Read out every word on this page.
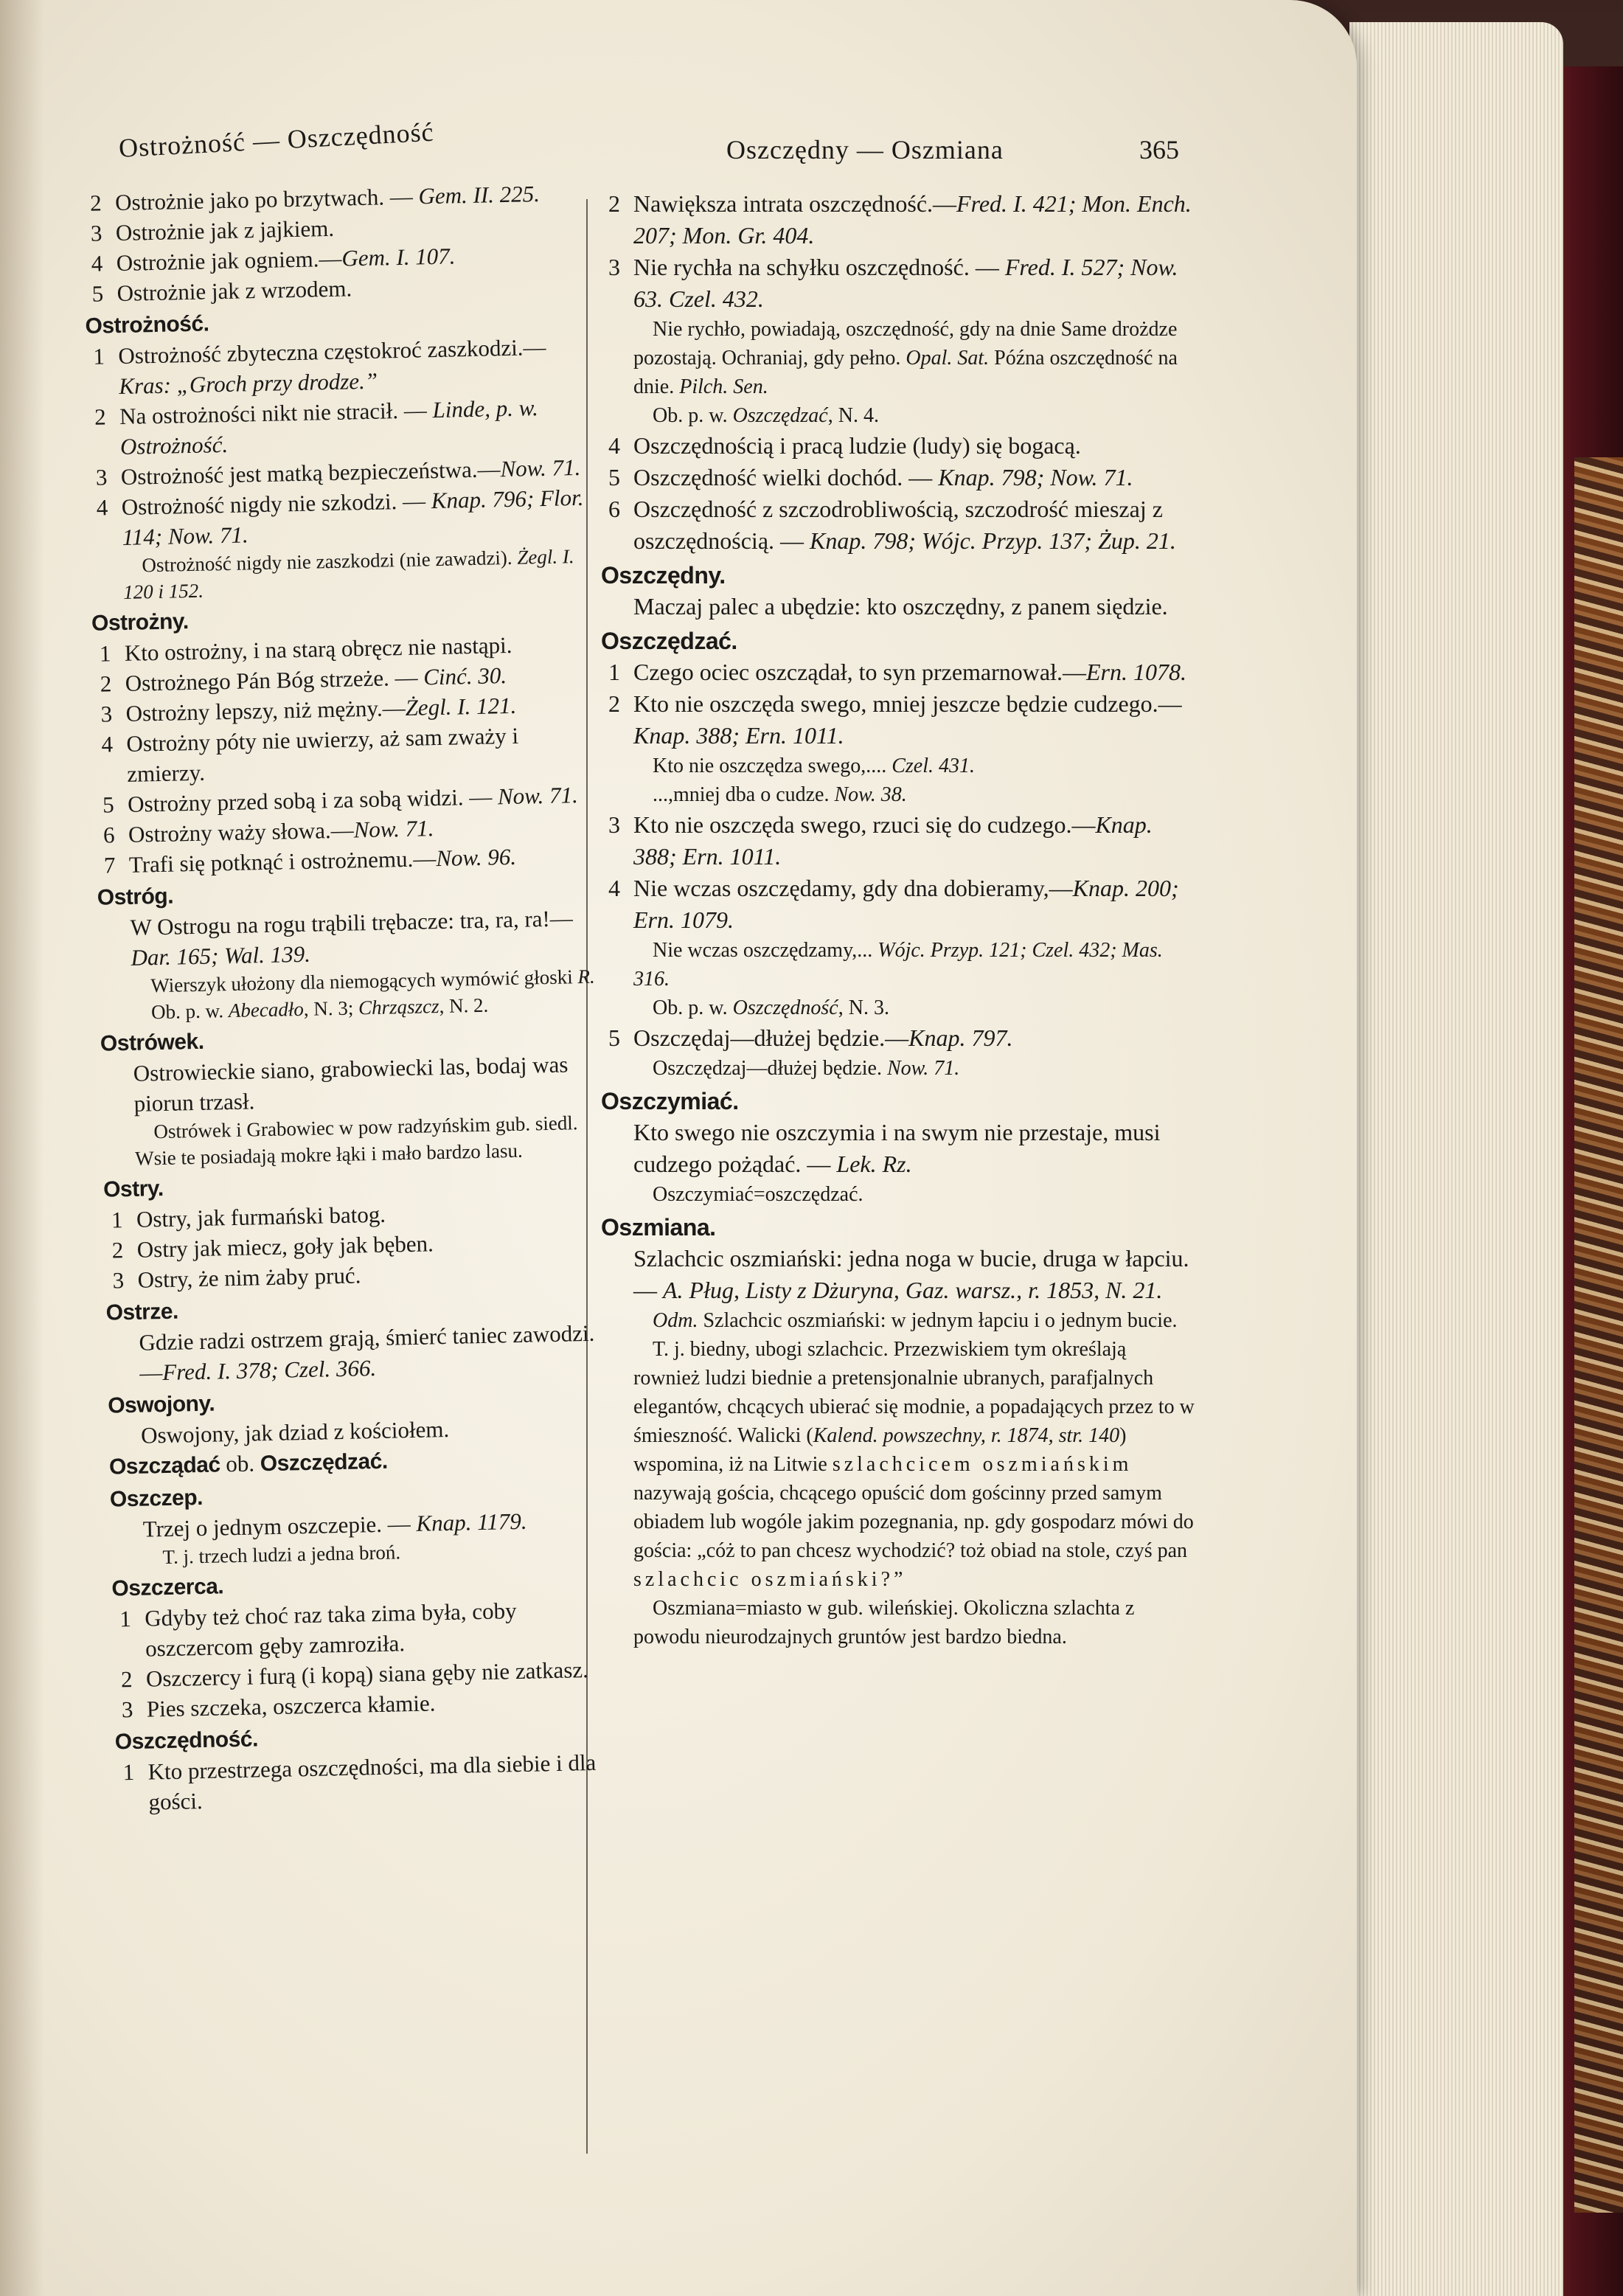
Ostrożność — Oszczędność	Oszczędny — Oszmiana	365
2 Ostrożnie jako po brzytwach. — Gem. II. 225.
3 Ostrożnie jak z jajkiem.
4 Ostrożnie jak ogniem.—Gem. I. 107.
5 Ostrożnie jak z wrzodem.
Ostrożność.
1 Ostrożność zbyteczna częstokroć zaszkodzi.—Kras: „Groch przy drodze.”
2 Na ostrożności nikt nie stracił. — Linde, p. w. Ostrożność.
3 Ostrożność jest matką bezpieczeństwa.—Now. 71.
4 Ostrożność nigdy nie szkodzi. — Knap. 796; Flor. 114; Now. 71.
Ostrożność nigdy nie zaszkodzi (nie zawadzi). Żegl. I. 120 i 152.
Ostrożny.
1 Kto ostrożny, i na starą obręcz nie nastąpi.
2 Ostrożnego Pán Bóg strzeże. — Cinć. 30.
3 Ostrożny lepszy, niż mężny.—Żegl. I. 121.
4 Ostrożny póty nie uwierzy, aż sam zważy i zmierzy.
5 Ostrożny przed sobą i za sobą widzi. — Now. 71.
6 Ostrożny waży słowa.—Now. 71.
7 Trafi się potknąć i ostrożnemu.—Now. 96.
Ostróg.
W Ostrogu na rogu trąbili trębacze: tra, ra, ra!—Dar. 165; Wal. 139.
Wierszyk ułożony dla niemogących wymówić głoski R.
Ob. p. w. Abecadło, N. 3; Chrząszcz, N. 2.
Ostrówek.
Ostrowieckie siano, grabowiecki las, bodaj was piorun trzasł.
Ostrówek i Grabowiec w pow radzyńskim gub. siedl. Wsie te posiadają mokre łąki i mało bardzo lasu.
Ostry.
1 Ostry, jak furmański batog.
2 Ostry jak miecz, goły jak bęben.
3 Ostry, że nim żaby pruć.
Ostrze.
Gdzie radzi ostrzem grają, śmierć taniec zawodzi.—Fred. I. 378; Czel. 366.
Oswojony.
Oswojony, jak dziad z kościołem.
Oszcządać ob. Oszczędzać.
Oszczep.
Trzej o jednym oszczepie. — Knap. 1179.
T. j. trzech ludzi a jedna broń.
Oszczerca.
1 Gdyby też choć raz taka zima była, coby oszczercom gęby zamroziła.
2 Oszczercy i furą (i kopą) siana gęby nie zatkasz.
3 Pies szczeka, oszczerca kłamie.
Oszczędność.
1 Kto przestrzega oszczędności, ma dla siebie i dla gości.
2 Nawiększa intrata oszczędność.—Fred. I. 421; Mon. Ench. 207; Mon. Gr. 404.
3 Nie rychła na schyłku oszczędność. — Fred. I. 527; Now. 63. Czel. 432.
Nie rychło, powiadają, oszczędność, gdy na dnie Same drożdze pozostają. Ochraniaj, gdy pełno. Opal. Sat. Późna oszczędność na dnie. Pilch. Sen.
Ob. p. w. Oszczędzać, N. 4.
4 Oszczędnością i pracą ludzie (ludy) się bogacą.
5 Oszczędność wielki dochód. — Knap. 798; Now. 71.
6 Oszczędność z szczodrobliwością, szczodrość mieszaj z oszczędnością. — Knap. 798; Wójc. Przyp. 137; Żup. 21.
Oszczędny.
Maczaj palec a ubędzie: kto oszczędny, z panem siędzie.
Oszczędzać.
1 Czego ociec oszcządał, to syn przemarnował.—Ern. 1078.
2 Kto nie oszczęda swego, mniej jeszcze będzie cudzego.— Knap. 388; Ern. 1011.
Kto nie oszczędza swego,.... Czel. 431.
...,mniej dba o cudze. Now. 38.
3 Kto nie oszczęda swego, rzuci się do cudzego.—Knap. 388; Ern. 1011.
4 Nie wczas oszczędamy, gdy dna dobieramy,—Knap. 200; Ern. 1079.
Nie wczas oszczędzamy,... Wójc. Przyp. 121; Czel. 432; Mas. 316.
Ob. p. w. Oszczędność, N. 3.
5 Oszczędaj—dłużej będzie.—Knap. 797.
Oszczędzaj—dłużej będzie. Now. 71.
Oszczymiać.
Kto swego nie oszczymia i na swym nie przestaje, musi cudzego pożądać. — Lek. Rz.
Oszczymiać=oszczędzać.
Oszmiana.
Szlachcic oszmiański: jedna noga w bucie, druga w łapciu. — A. Pług, Listy z Dżuryna, Gaz. warsz., r. 1853, N. 21.
Odm. Szlachcic oszmiański: w jednym łapciu i o jednym bucie.
T. j. biedny, ubogi szlachcic. Przezwiskiem tym określają rownież ludzi biednie a pretensjonalnie ubranych, parafjalnych elegantów, chcących ubierać się modnie, a popadających przez to w śmieszność. Walicki (Kalend. powszechny, r. 1874, str. 140) wspomina, iż na Litwie szlachcicem oszmiańskim nazywają gościa, chcącego opuścić dom gościnny przed samym obiadem lub wogóle jakim pozegnania, np. gdy gospodarz mówi do gościa: „cóż to pan chcesz wychodzić? toż obiad na stole, czyś pan szlachcic oszmiański?”
Oszmiana=miasto w gub. wileńskiej. Okoliczna szlachta z powodu nieurodzajnych gruntów jest bardzo biedna.
